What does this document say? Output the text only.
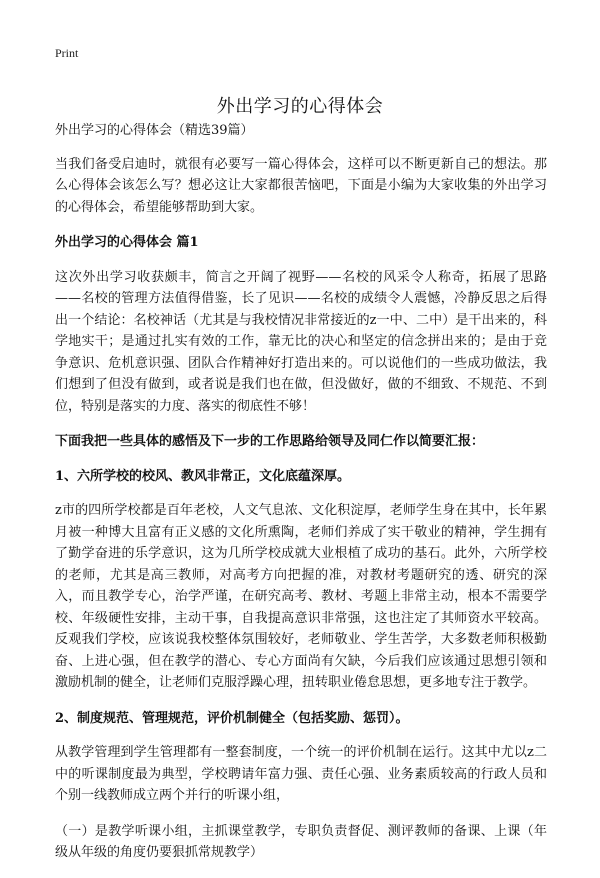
Print
外出学习的心得体会

外出学习的心得体会（精选39篇）

当我们备受启迪时，就很有必要写一篇心得体会，这样可以不断更新自己的想法。那么心得体会该怎么写？想必这让大家都很苦恼吧，下面是小编为大家收集的外出学习的心得体会，希望能够帮助到大家。

外出学习的心得体会 篇1

这次外出学习收获颇丰，简言之开阔了视野——名校的风采令人称奇，拓展了思路——名校的管理方法值得借鉴，长了见识——名校的成绩令人震憾，冷静反思之后得出一个结论：名校神话（尤其是与我校情况非常接近的z一中、二中）是干出来的，科学地实干；是通过扎实有效的工作，靠无比的决心和坚定的信念拼出来的；是由于竞争意识、危机意识强、团队合作精神好打造出来的。可以说他们的一些成功做法，我们想到了但没有做到，或者说是我们也在做，但没做好，做的不细致、不规范、不到位，特别是落实的力度、落实的彻底性不够！

下面我把一些具体的感悟及下一步的工作思路给领导及同仁作以简要汇报：

1、六所学校的校风、教风非常正，文化底蕴深厚。

z市的四所学校都是百年老校，人文气息浓、文化积淀厚，老师学生身在其中，长年累月被一种博大且富有正义感的文化所熏陶，老师们养成了实干敬业的精神，学生拥有了勤学奋进的乐学意识，这为几所学校成就大业根植了成功的基石。此外，六所学校的老师，尤其是高三教师，对高考方向把握的准，对教材考题研究的透、研究的深入，而且教学专心，治学严谨，在研究高考、教材、考题上非常主动，根本不需要学校、年级硬性安排，主动干事，自我提高意识非常强，这也注定了其师资水平较高。反观我们学校，应该说我校整体氛围较好，老师敬业、学生苦学，大多数老师积极勤奋、上进心强，但在教学的潜心、专心方面尚有欠缺，今后我们应该通过思想引领和激励机制的健全，让老师们克服浮躁心理，扭转职业倦怠思想，更多地专注于教学。

2、制度规范、管理规范，评价机制健全（包括奖励、惩罚）。

从教学管理到学生管理都有一整套制度，一个统一的评价机制在运行。这其中尤以z二中的听课制度最为典型，学校聘请年富力强、责任心强、业务素质较高的行政人员和个别一线教师成立两个并行的听课小组，

（一）是教学听课小组，主抓课堂教学，专职负责督促、测评教师的备课、上课（年级从年级的角度仍要狠抓常规教学）
